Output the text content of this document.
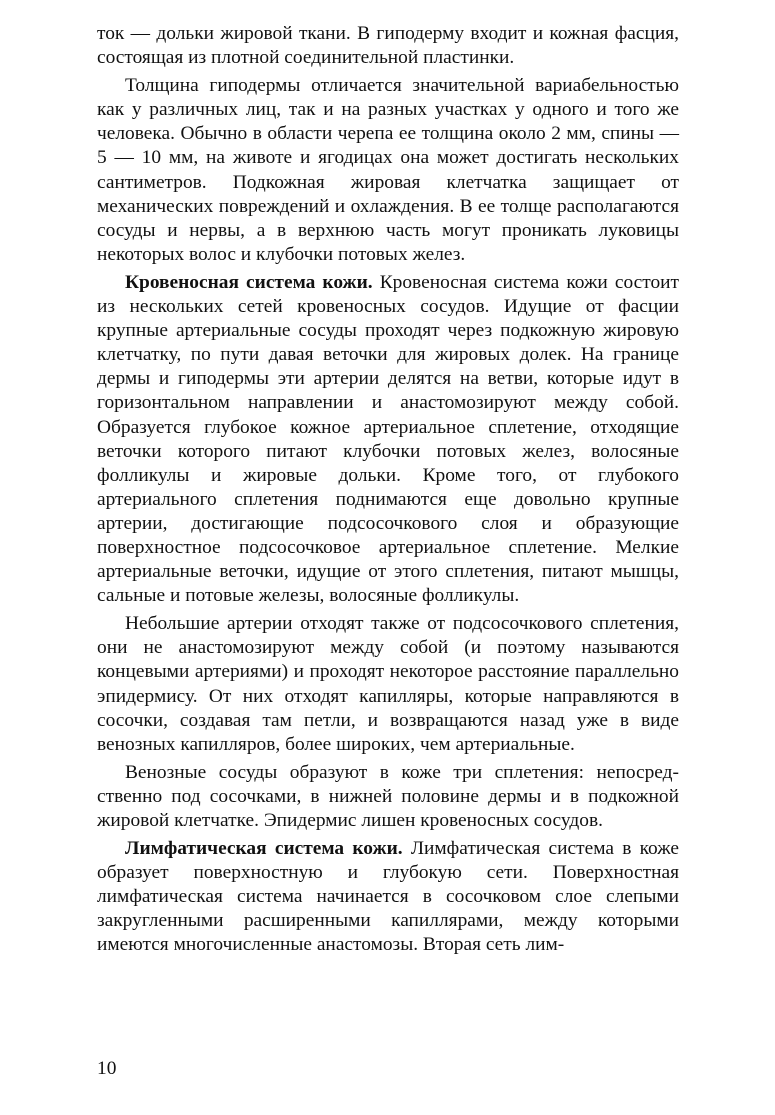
ток — дольки жировой ткани. В гиподерму входит и кожная фасция, состоящая из плотной соединительной пластинки.

Толщина гиподермы отличается значительной вариабельностью как у различных лиц, так и на разных участках у одного и того же человека. Обычно в области черепа ее толщина около 2 мм, спины — 5 — 10 мм, на животе и ягодицах она может достигать нескольких сантиметров. Подкожная жировая клетчатка защищает от механических повреждений и охлаждения. В ее толще располагаются сосуды и нервы, а в верхнюю часть могут проникать луковицы некоторых волос и клубочки потовых желез.

Кровеносная система кожи. Кровеносная система кожи состоит из нескольких сетей кровеносных сосудов. Идущие от фасции крупные артериальные сосуды проходят через подкожную жировую клетчатку, по пути давая веточки для жировых долек. На границе дермы и гиподермы эти артерии делятся на ветви, которые идут в горизонтальном направлении и анастомозируют между собой. Образуется глубокое кожное артериальное сплетение, отходящие веточки которого питают клубочки потовых желез, волосяные фолликулы и жировые дольки. Кроме того, от глубокого артериального сплетения поднимаются еще довольно крупные артерии, достигающие подсосочкового слоя и образующие поверхностное подсосочковое артериальное сплетение. Мелкие артериальные веточки, идущие от этого сплетения, питают мышцы, сальные и потовые железы, волосяные фолликулы.

Небольшие артерии отходят также от подсосочкового сплетения, они не анастомозируют между собой (и поэтому называются концевыми артериями) и проходят некоторое расстояние параллельно эпидермису. От них отходят капилляры, которые направляются в сосочки, создавая там петли, и возвращаются назад уже в виде венозных капилляров, более широких, чем артериальные.

Венозные сосуды образуют в коже три сплетения: непосредственно под сосочками, в нижней половине дермы и в подкожной жировой клетчатке. Эпидермис лишен кровеносных сосудов.

Лимфатическая система кожи. Лимфатическая система в коже образует поверхностную и глубокую сети. Поверхностная лимфатическая система начинается в сосочковом слое слепыми закругленными расширенными капиллярами, между которыми имеются многочисленные анастомозы. Вторая сеть лим-

10
